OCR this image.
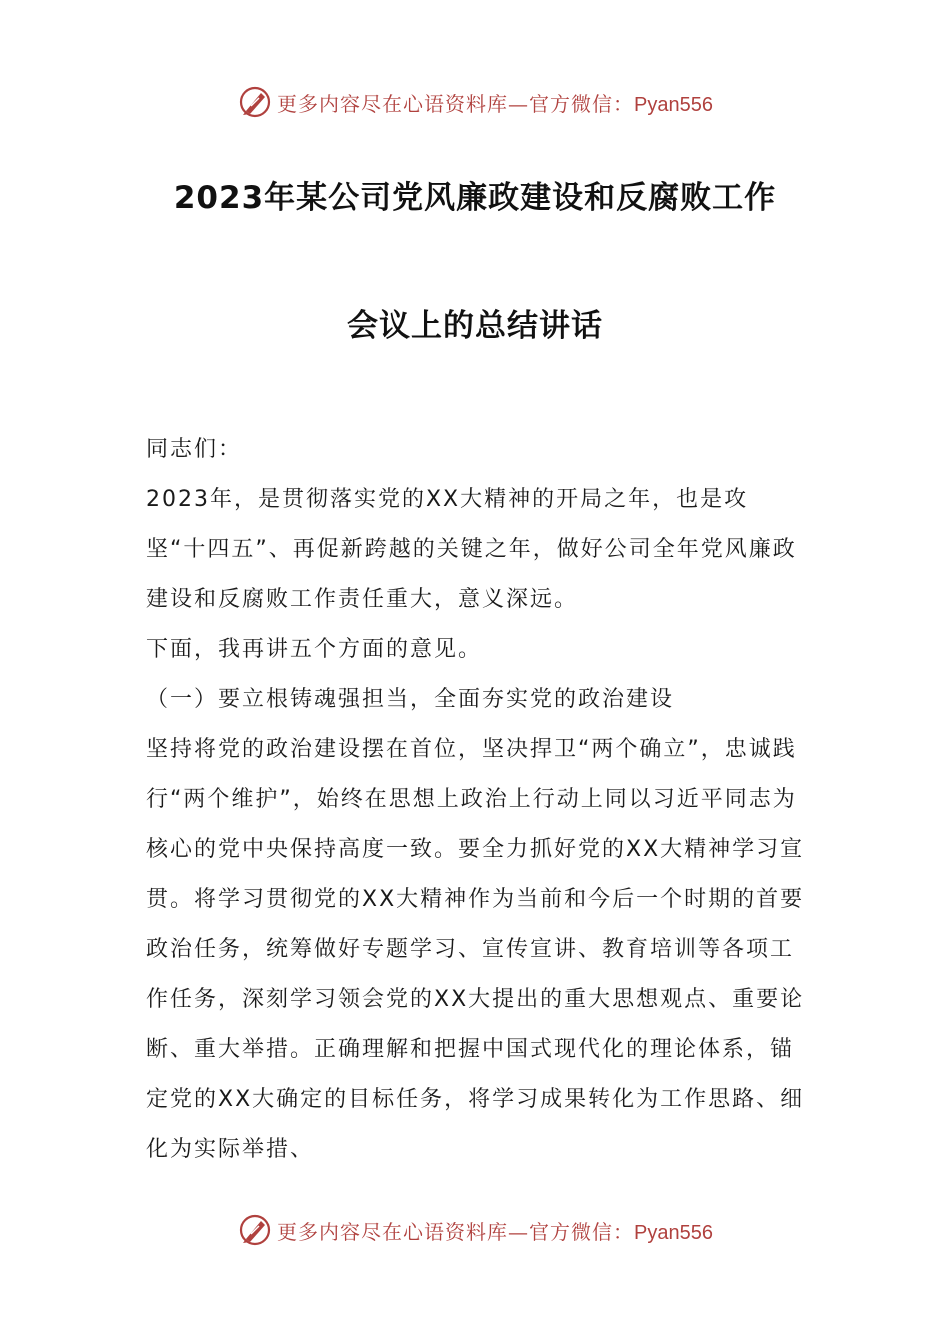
更多内容尽在心语资料库—官方微信：Pyan556
2023年某公司党风廉政建设和反腐败工作
会议上的总结讲话

同志们：

2023年，是贯彻落实党的XX大精神的开局之年，也是攻坚“十四五”、再促新跨越的关键之年，做好公司全年党风廉政建设和反腐败工作责任重大，意义深远。

下面，我再讲五个方面的意见。

（一）要立根铸魂强担当，全面夯实党的政治建设

坚持将党的政治建设摆在首位，坚决捍卫“两个确立”，忠诚践行“两个维护”，始终在思想上政治上行动上同以习近平同志为核心的党中央保持高度一致。要全力抓好党的XX大精神学习宣贯。将学习贯彻党的XX大精神作为当前和今后一个时期的首要政治任务，统筹做好专题学习、宣传宣讲、教育培训等各项工作任务，深刻学习领会党的XX大提出的重大思想观点、重要论断、重大举措。正确理解和把握中国式现代化的理论体系，锚定党的XX大确定的目标任务，将学习成果转化为工作思路、细化为实际举措、

更多内容尽在心语资料库—官方微信：Pyan556
